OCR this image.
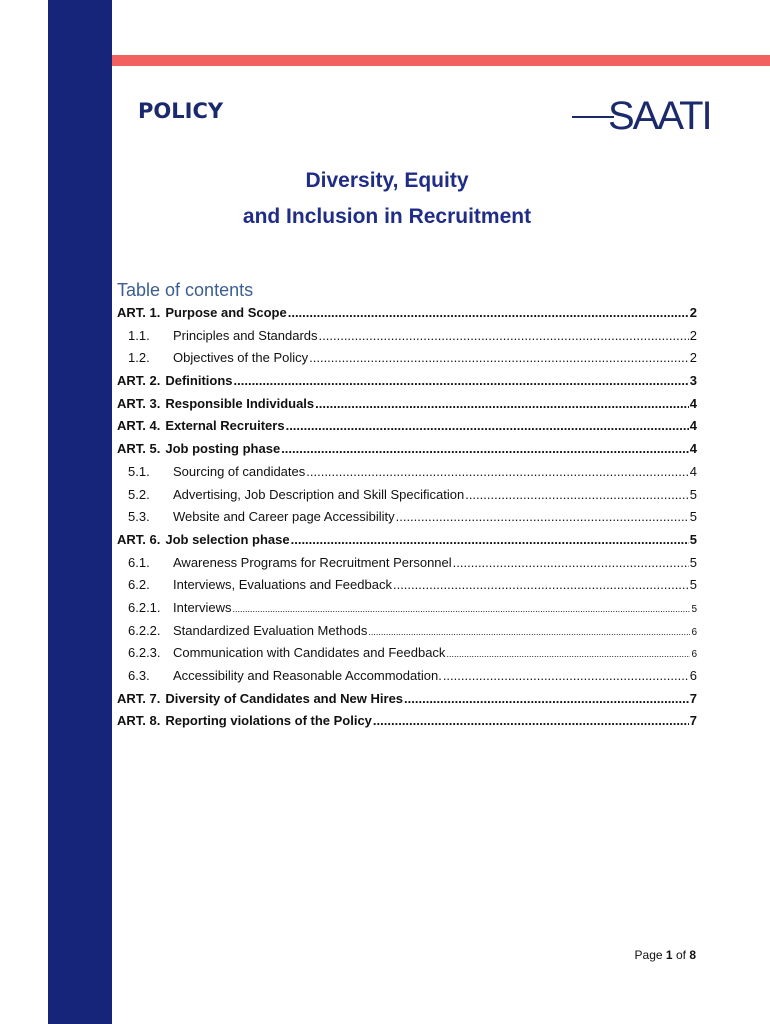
POLICY	SAATI
Diversity, Equity
and Inclusion in Recruitment
Table of contents
ART. 1. Purpose and Scope .....	2
1.1.	Principles and Standards .....	2
1.2.	Objectives of the Policy .....	2
ART. 2. Definitions .....	3
ART. 3. Responsible Individuals .....	4
ART. 4. External Recruiters .....	4
ART. 5. Job posting phase .....	4
5.1.	Sourcing of candidates .....	4
5.2.	Advertising, Job Description and Skill Specification .....	5
5.3.	Website and Career page Accessibility .....	5
ART. 6. Job selection phase .....	5
6.1.	Awareness Programs for Recruitment Personnel .....	5
6.2.	Interviews, Evaluations and Feedback .....	5
6.2.1. Interviews .....	5
6.2.2. Standardized Evaluation Methods .....	6
6.2.3. Communication with Candidates and Feedback .....	6
6.3.	Accessibility and Reasonable Accommodation. .....	6
ART. 7. Diversity of Candidates and New Hires .....	7
ART. 8. Reporting violations of the Policy .....	7
Page 1 of 8
